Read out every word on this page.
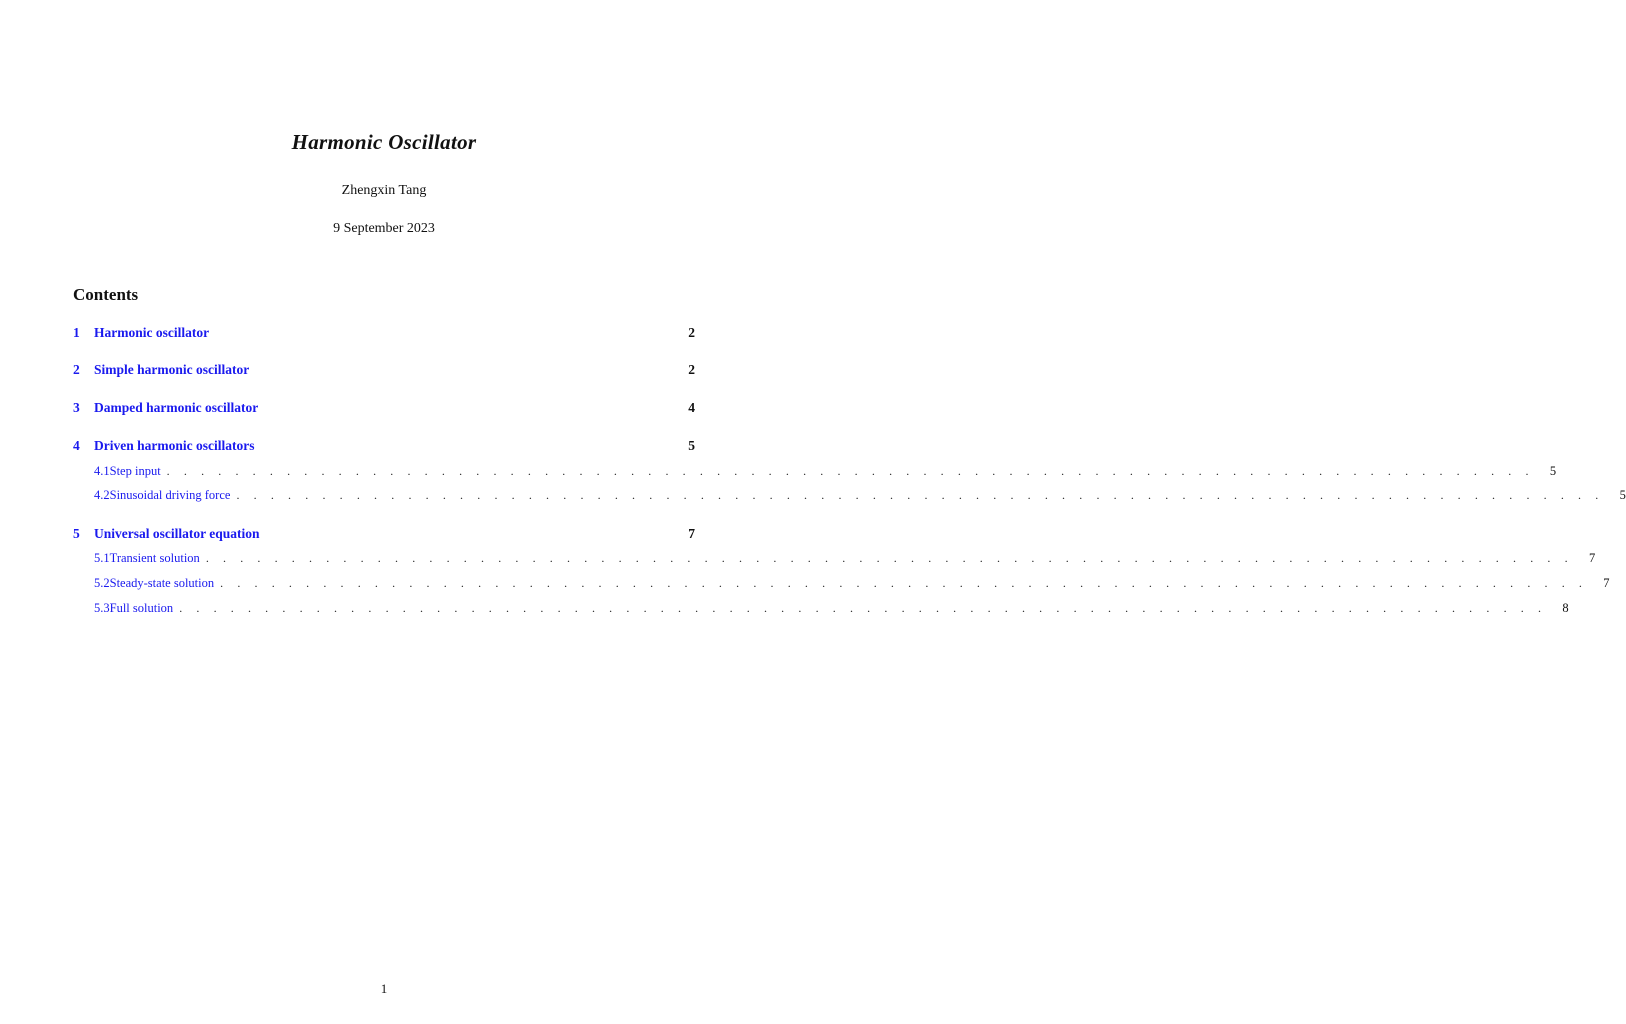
Harmonic Oscillator
Zhengxin Tang
9 September 2023
Contents
1	Harmonic oscillator	2
2	Simple harmonic oscillator	2
3	Damped harmonic oscillator	4
4	Driven harmonic oscillators	5
4.1 Step input . . . . . . . . . . . . . . . . . . . . . . . . . . . . . . . . . . . . . . . . . . . . . . . . . . . . . . . . . . . . . . . . . . . . . . . . . . . . . . . .	5
4.2 Sinusoidal driving force . . . . . . . . . . . . . . . . . . . . . . . . . . . . . . . . . . . . . . . . . . . . . . . . . . . . . . . . . . . . . . . . . . . . . . . . . . . . . . . .	5
5	Universal oscillator equation	7
5.1 Transient solution . . . . . . . . . . . . . . . . . . . . . . . . . . . . . . . . . . . . . . . . . . . . . . . . . . . . . . . . . . . . . . . . . . . . . . . . . . . . . . . .	7
5.2 Steady-state solution . . . . . . . . . . . . . . . . . . . . . . . . . . . . . . . . . . . . . . . . . . . . . . . . . . . . . . . . . . . . . . . . . . . . . . . . . . . . . . . .	7
5.3 Full solution . . . . . . . . . . . . . . . . . . . . . . . . . . . . . . . . . . . . . . . . . . . . . . . . . . . . . . . . . . . . . . . . . . . . . . . . . . . . . . . .	8
1
